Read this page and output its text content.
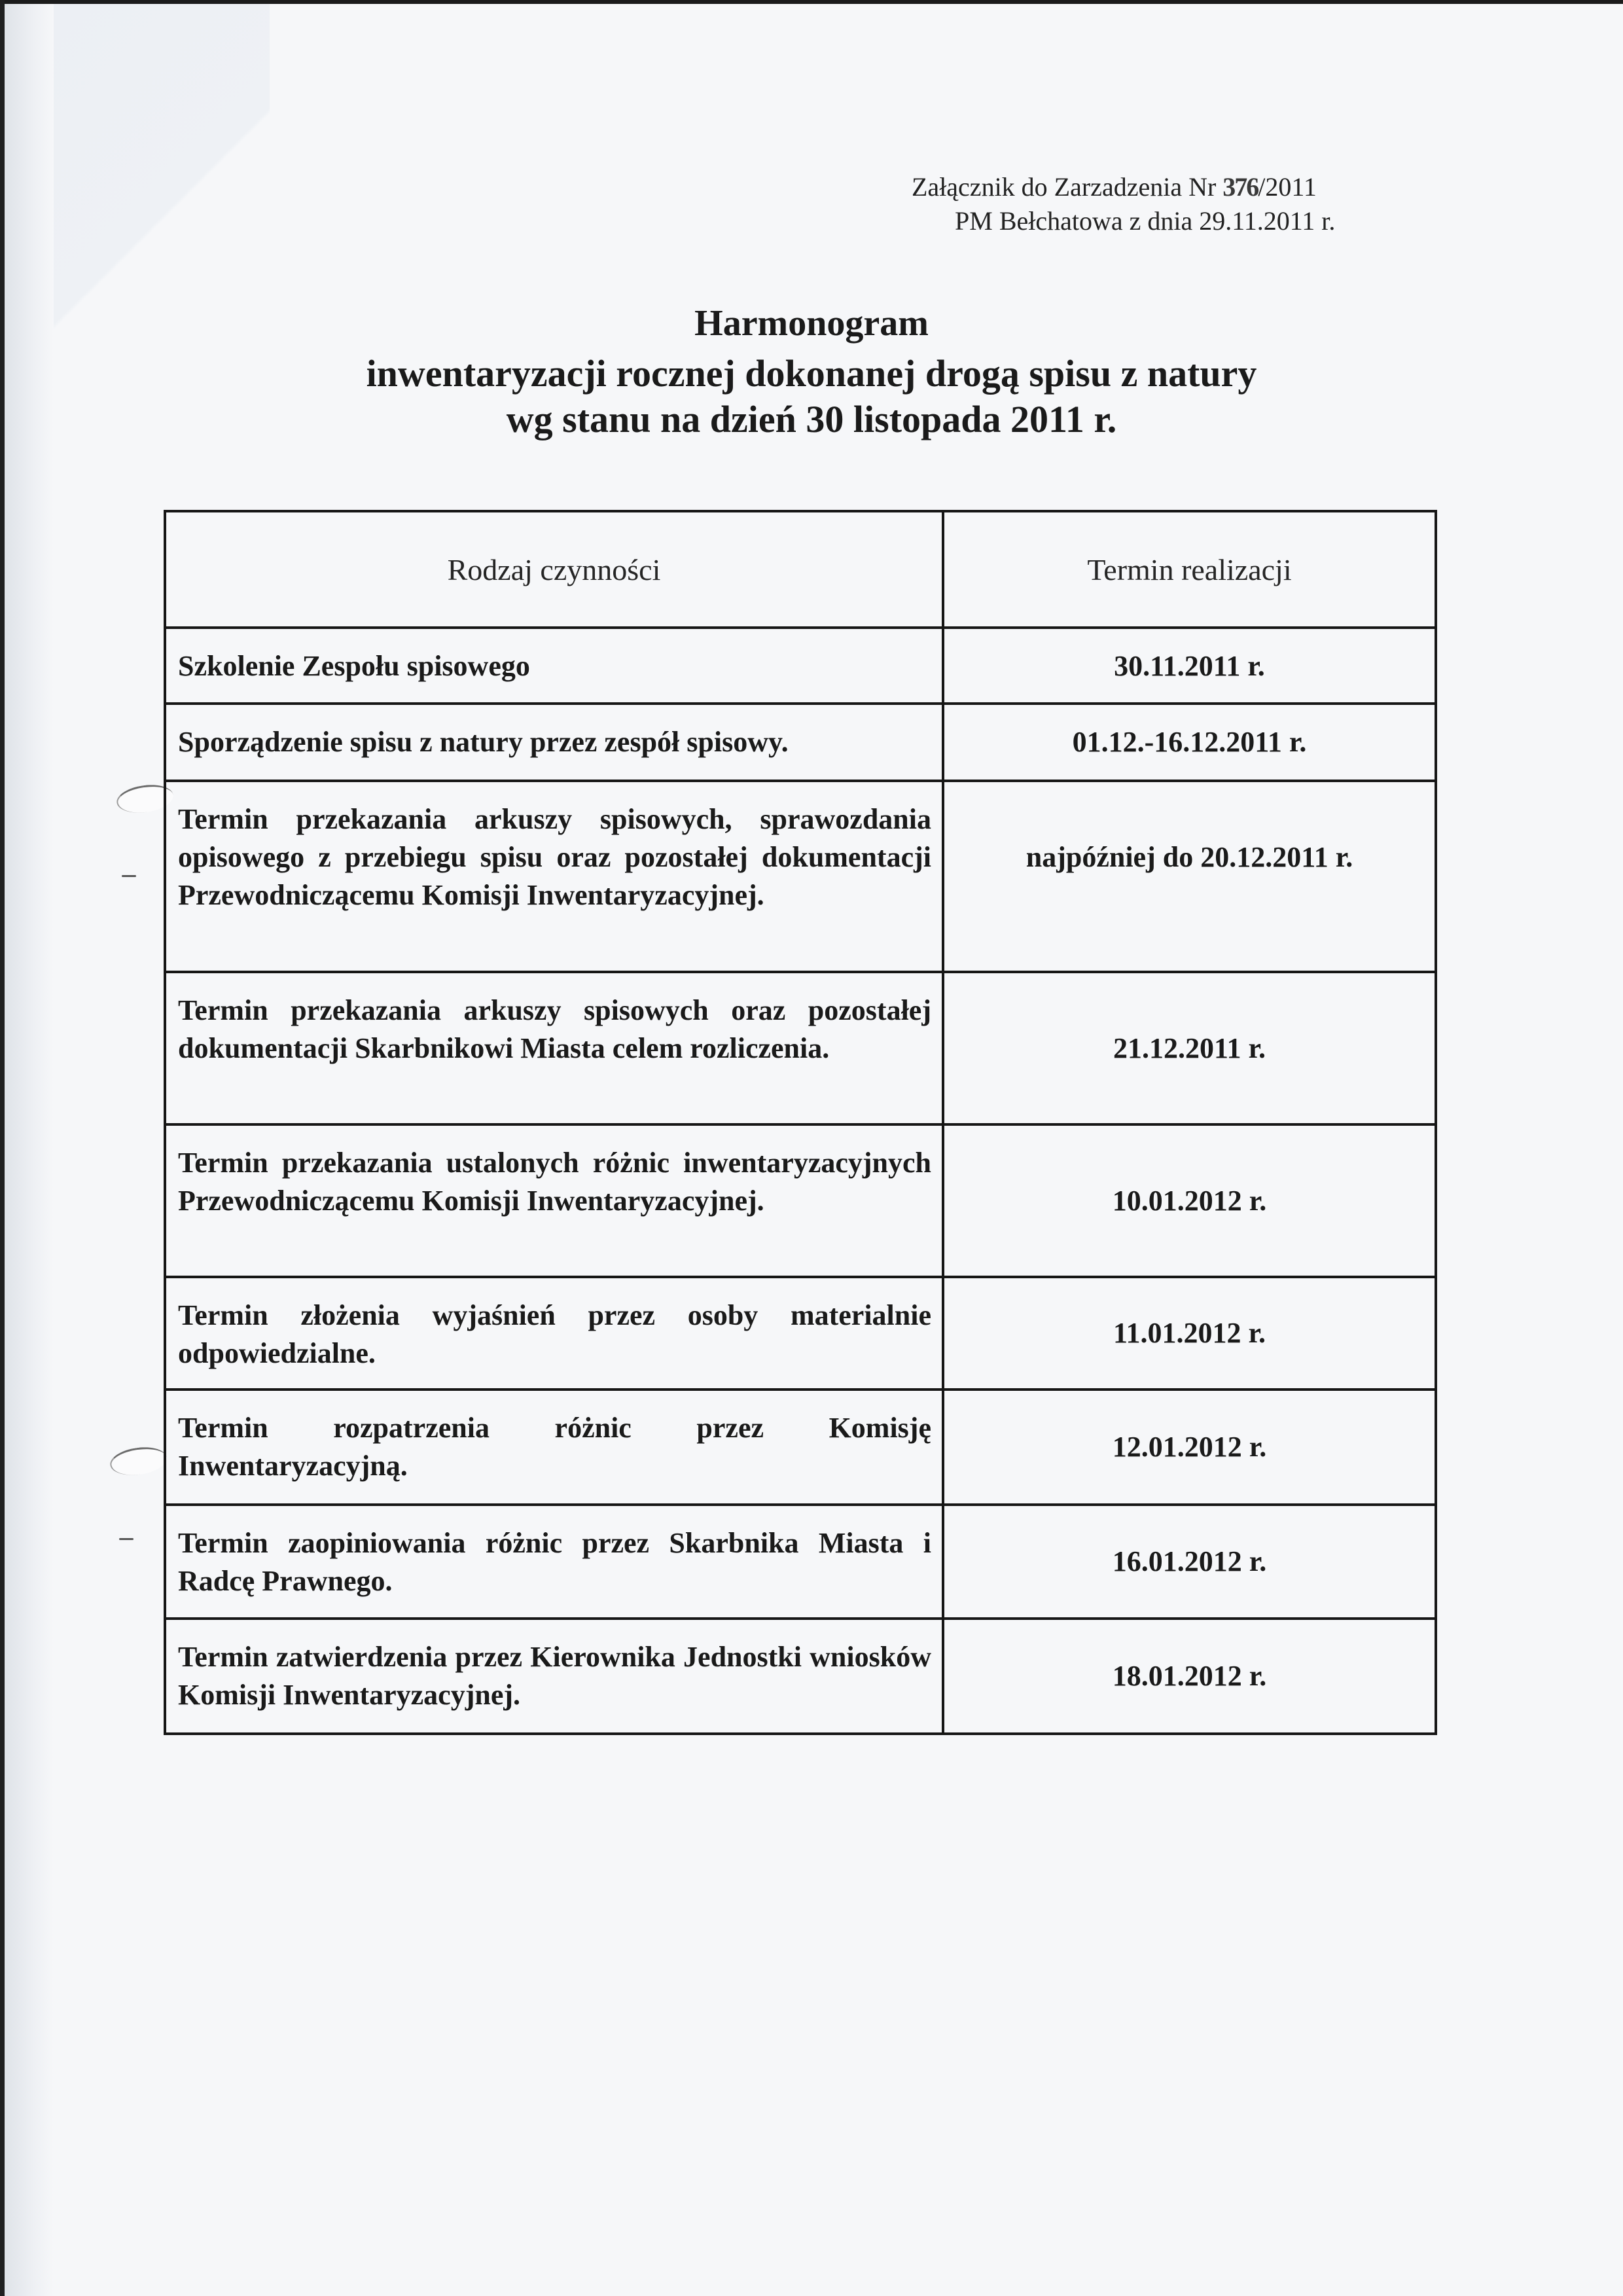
Załącznik do Zarzadzenia Nr 376/2011
PM Bełchatowa z dnia 29.11.2011 r.
Harmonogram
inwentaryzacji rocznej dokonanej drogą spisu z natury
wg stanu na dzień 30 listopada 2011 r.
Rodzaj czynności	Termin realizacji
Szkolenie Zespołu spisowego	30.11.2011 r.
Sporządzenie spisu z natury przez zespół spisowy.	01.12.-16.12.2011 r.
Termin przekazania arkuszy spisowych, sprawozdania opisowego z przebiegu spisu oraz pozostałej dokumentacji Przewodniczącemu Komisji Inwentaryzacyjnej.	najpóźniej do 20.12.2011 r.
Termin przekazania arkuszy spisowych oraz pozostałej dokumentacji Skarbnikowi Miasta celem rozliczenia.	21.12.2011 r.
Termin przekazania ustalonych różnic inwentaryzacyjnych Przewodniczącemu Komisji Inwentaryzacyjnej.	10.01.2012 r.
Termin złożenia wyjaśnień przez osoby materialnie odpowiedzialne.	11.01.2012 r.
Termin rozpatrzenia różnic przez Komisję Inwentaryzacyjną.	12.01.2012 r.
Termin zaopiniowania różnic przez Skarbnika Miasta i Radcę Prawnego.	16.01.2012 r.
Termin zatwierdzenia przez Kierownika Jednostki wniosków Komisji Inwentaryzacyjnej.	18.01.2012 r.
